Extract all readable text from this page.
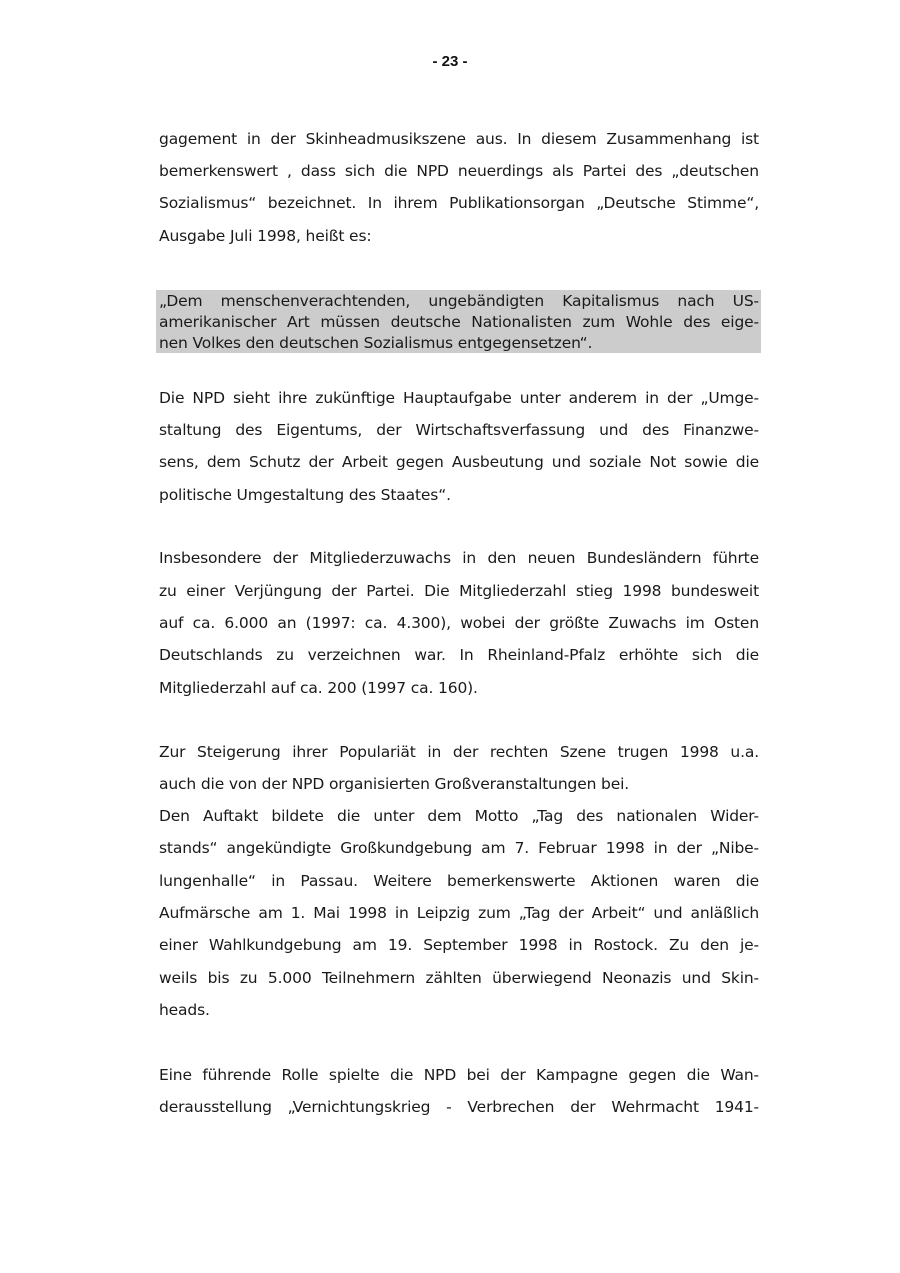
- 23 -
gagement in der Skinheadmusikszene aus. In diesem Zusammenhang ist
bemerkenswert , dass sich die NPD neuerdings als Partei des „deutschen
Sozialismus“ bezeichnet. In ihrem Publikationsorgan „Deutsche Stimme“,
Ausgabe Juli 1998, heißt es:
„Dem menschenverachtenden, ungebändigten Kapitalismus nach US-
amerikanischer Art müssen deutsche Nationalisten zum Wohle des eige-
nen Volkes den deutschen Sozialismus entgegensetzen“.
Die NPD sieht ihre zukünftige Hauptaufgabe unter anderem in der „Umge-
staltung des Eigentums, der Wirtschaftsverfassung und des Finanzwe-
sens, dem Schutz der Arbeit gegen Ausbeutung und soziale Not sowie die
politische Umgestaltung des Staates“.
Insbesondere der Mitgliederzuwachs in den neuen Bundesländern führte
zu einer Verjüngung der Partei. Die Mitgliederzahl stieg 1998 bundesweit
auf ca. 6.000 an (1997: ca. 4.300), wobei der größte Zuwachs im Osten
Deutschlands zu verzeichnen war. In Rheinland-Pfalz erhöhte sich die
Mitgliederzahl auf ca. 200 (1997 ca. 160).
Zur Steigerung ihrer Populariät in der rechten Szene trugen 1998 u.a.
auch die von der NPD organisierten Großveranstaltungen bei.
Den Auftakt bildete die unter dem Motto „Tag des nationalen Wider-
stands“ angekündigte Großkundgebung am 7. Februar 1998 in der „Nibe-
lungenhalle“ in Passau. Weitere bemerkenswerte Aktionen waren die
Aufmärsche am 1. Mai 1998 in Leipzig zum „Tag der Arbeit“ und anläßlich
einer Wahlkundgebung am 19. September 1998 in Rostock. Zu den je-
weils bis zu 5.000 Teilnehmern zählten überwiegend Neonazis und Skin-
heads.
Eine führende Rolle spielte die NPD bei der Kampagne gegen die Wan-
derausstellung „Vernichtungskrieg - Verbrechen der Wehrmacht 1941-
